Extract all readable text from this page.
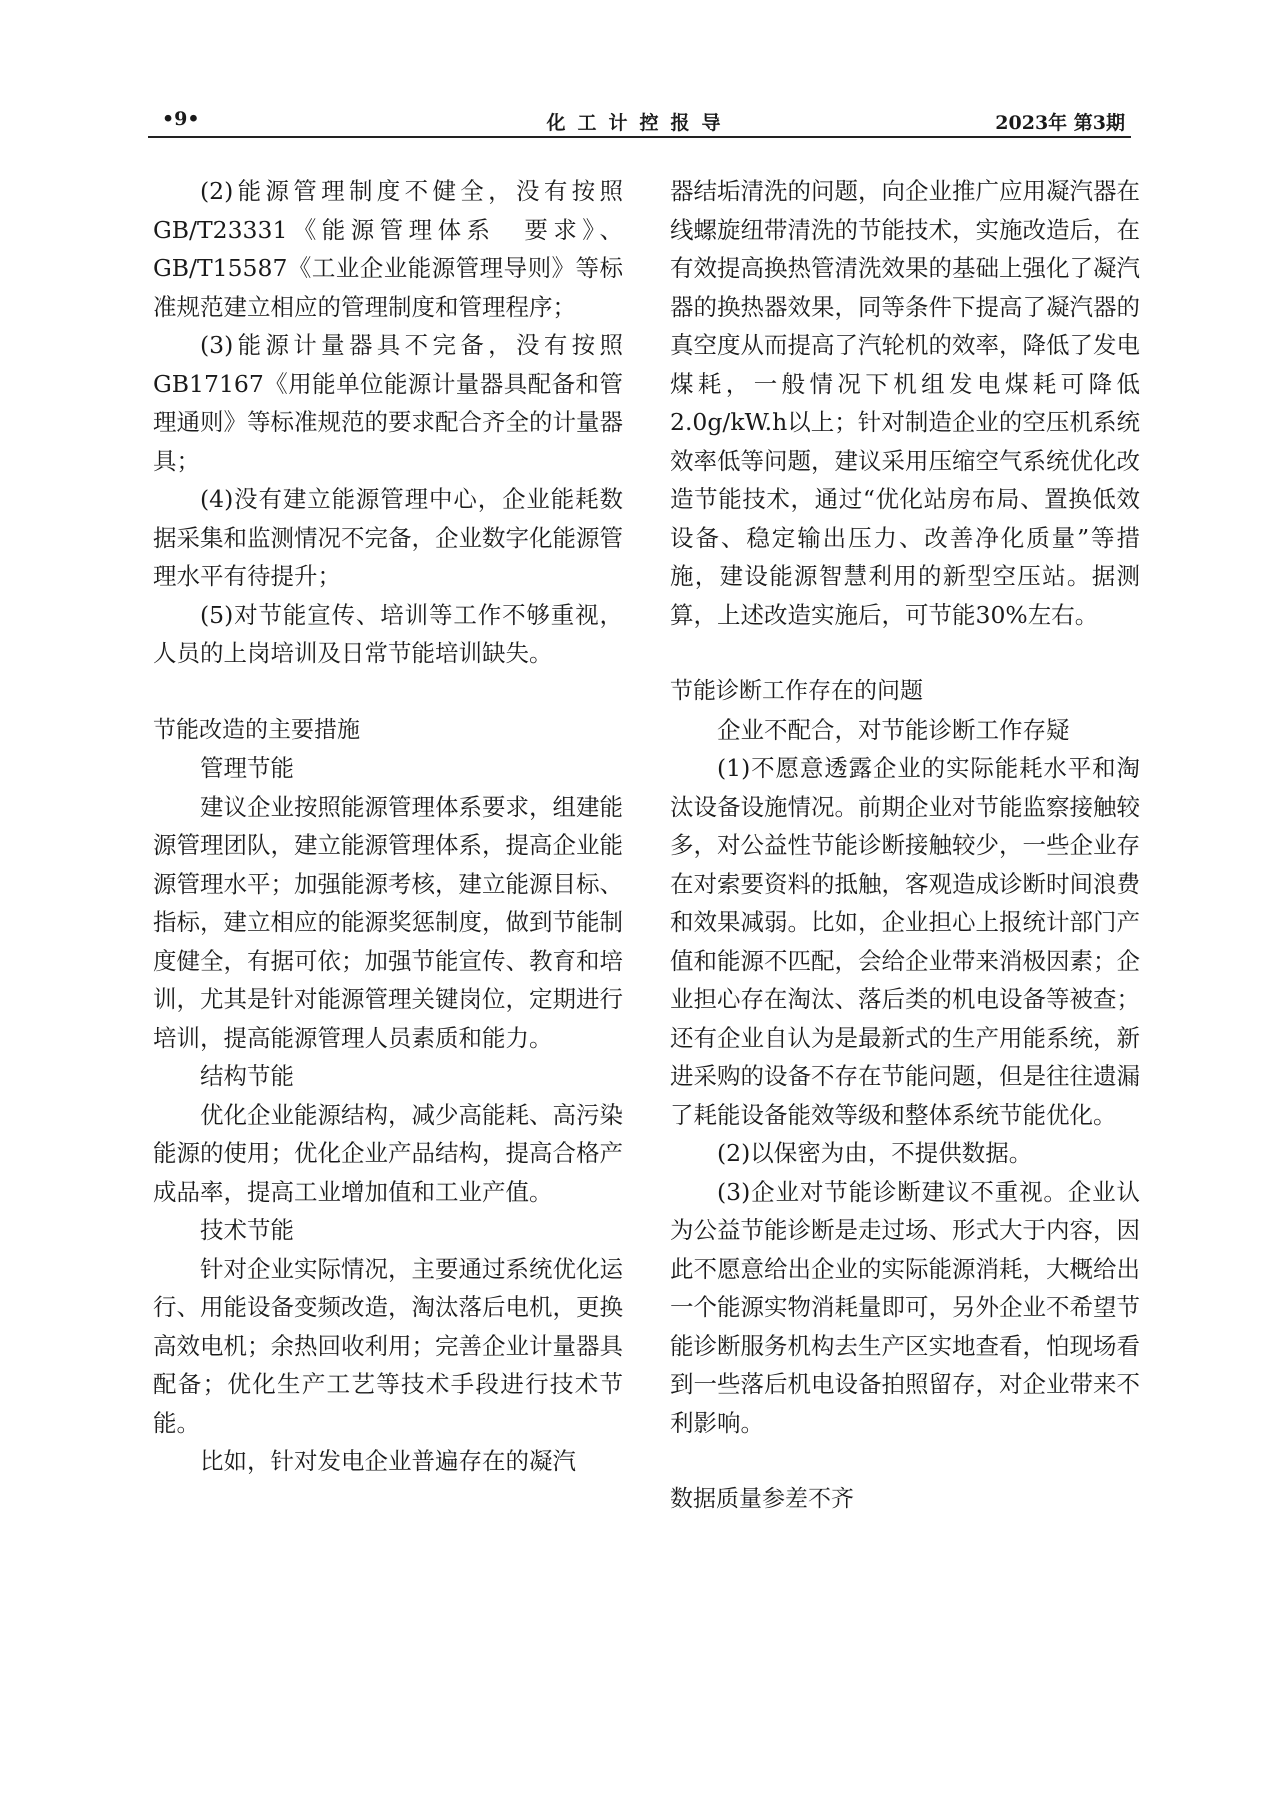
•9•	化工计控报导	2023年 第3期

(2)能源管理制度不健全，没有按照GB/T23331《能源管理体系　要求》、GB/T15587《工业企业能源管理导则》等标准规范建立相应的管理制度和管理程序；

(3)能源计量器具不完备，没有按照GB17167《用能单位能源计量器具配备和管理通则》等标准规范的要求配合齐全的计量器具；

(4)没有建立能源管理中心，企业能耗数据采集和监测情况不完备，企业数字化能源管理水平有待提升；

(5)对节能宣传、培训等工作不够重视，人员的上岗培训及日常节能培训缺失。

节能改造的主要措施
管理节能

建议企业按照能源管理体系要求，组建能源管理团队，建立能源管理体系，提高企业能源管理水平；加强能源考核，建立能源目标、指标，建立相应的能源奖惩制度，做到节能制度健全，有据可依；加强节能宣传、教育和培训，尤其是针对能源管理关键岗位，定期进行培训，提高能源管理人员素质和能力。

结构节能

优化企业能源结构，减少高能耗、高污染能源的使用；优化企业产品结构，提高合格产成品率，提高工业增加值和工业产值。

技术节能

针对企业实际情况，主要通过系统优化运行、用能设备变频改造，淘汰落后电机，更换高效电机；余热回收利用；完善企业计量器具配备；优化生产工艺等技术手段进行技术节能。

比如，针对发电企业普遍存在的凝汽

器结垢清洗的问题，向企业推广应用凝汽器在线螺旋纽带清洗的节能技术，实施改造后，在有效提高换热管清洗效果的基础上强化了凝汽器的换热器效果，同等条件下提高了凝汽器的真空度从而提高了汽轮机的效率，降低了发电煤耗，一般情况下机组发电煤耗可降低2.0g/kW.h以上；针对制造企业的空压机系统效率低等问题，建议采用压缩空气系统优化改造节能技术，通过“优化站房布局、置换低效设备、稳定输出压力、改善净化质量”等措施，建设能源智慧利用的新型空压站。据测算，上述改造实施后，可节能30%左右。

节能诊断工作存在的问题
企业不配合，对节能诊断工作存疑

(1)不愿意透露企业的实际能耗水平和淘汰设备设施情况。前期企业对节能监察接触较多，对公益性节能诊断接触较少，一些企业存在对索要资料的抵触，客观造成诊断时间浪费和效果减弱。比如，企业担心上报统计部门产值和能源不匹配，会给企业带来消极因素；企业担心存在淘汰、落后类的机电设备等被查；还有企业自认为是最新式的生产用能系统，新进采购的设备不存在节能问题，但是往往遗漏了耗能设备能效等级和整体系统节能优化。

(2)以保密为由，不提供数据。

(3)企业对节能诊断建议不重视。企业认为公益节能诊断是走过场、形式大于内容，因此不愿意给出企业的实际能源消耗，大概给出一个能源实物消耗量即可，另外企业不希望节能诊断服务机构去生产区实地查看，怕现场看到一些落后机电设备拍照留存，对企业带来不利影响。

数据质量参差不齐
